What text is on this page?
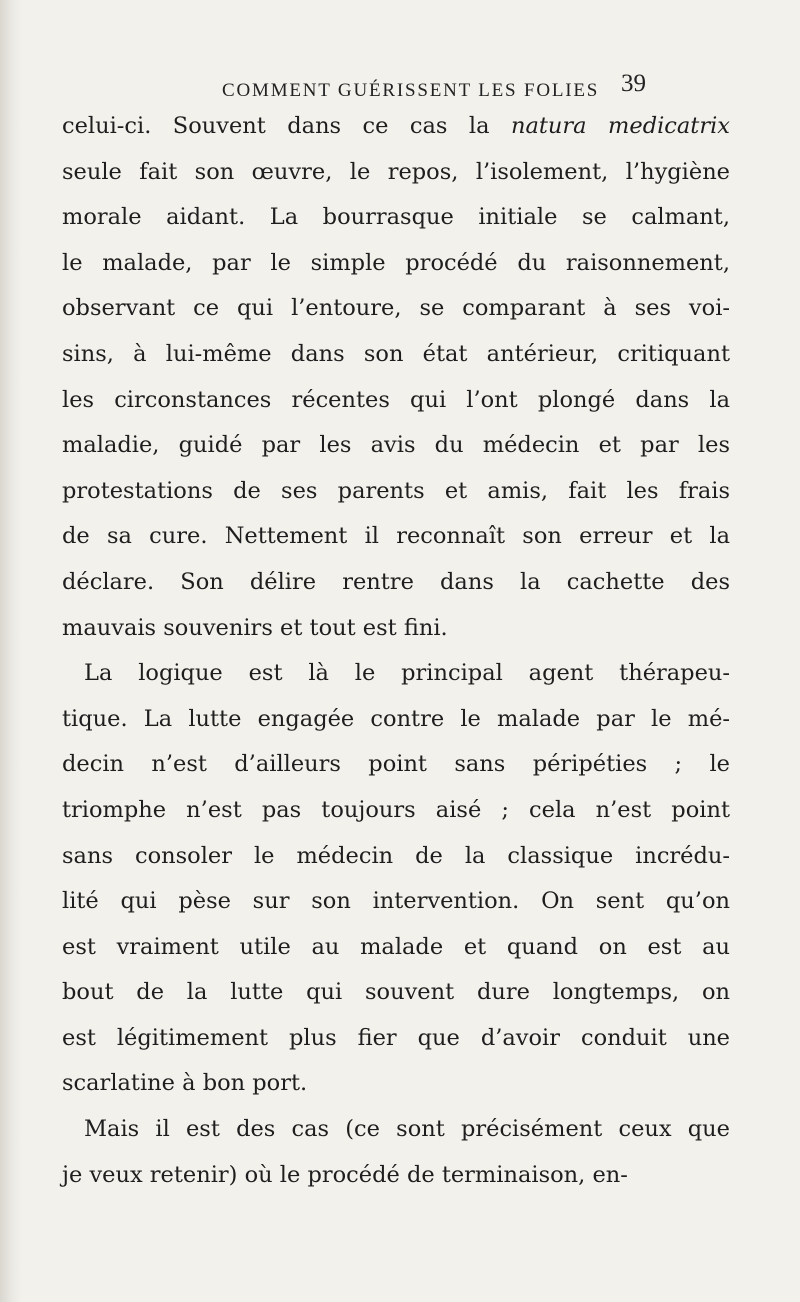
COMMENT GUÉRISSENT LES FOLIES 39
celui-ci. Souvent dans ce cas la natura medicatrix
seule fait son œuvre, le repos, l’isolement, l’hygiène
morale aidant. La bourrasque initiale se calmant,
le malade, par le simple procédé du raisonnement,
observant ce qui l’entoure, se comparant à ses voi-
sins, à lui-même dans son état antérieur, critiquant
les circonstances récentes qui l’ont plongé dans la
maladie, guidé par les avis du médecin et par les
protestations de ses parents et amis, fait les frais
de sa cure. Nettement il reconnaît son erreur et la
déclare. Son délire rentre dans la cachette des
mauvais souvenirs et tout est fini.
La logique est là le principal agent thérapeu-
tique. La lutte engagée contre le malade par le mé-
decin n’est d’ailleurs point sans péripéties ; le
triomphe n’est pas toujours aisé ; cela n’est point
sans consoler le médecin de la classique incrédu-
lité qui pèse sur son intervention. On sent qu’on
est vraiment utile au malade et quand on est au
bout de la lutte qui souvent dure longtemps, on
est légitimement plus fier que d’avoir conduit une
scarlatine à bon port.
Mais il est des cas (ce sont précisément ceux que
je veux retenir) où le procédé de terminaison, en-
